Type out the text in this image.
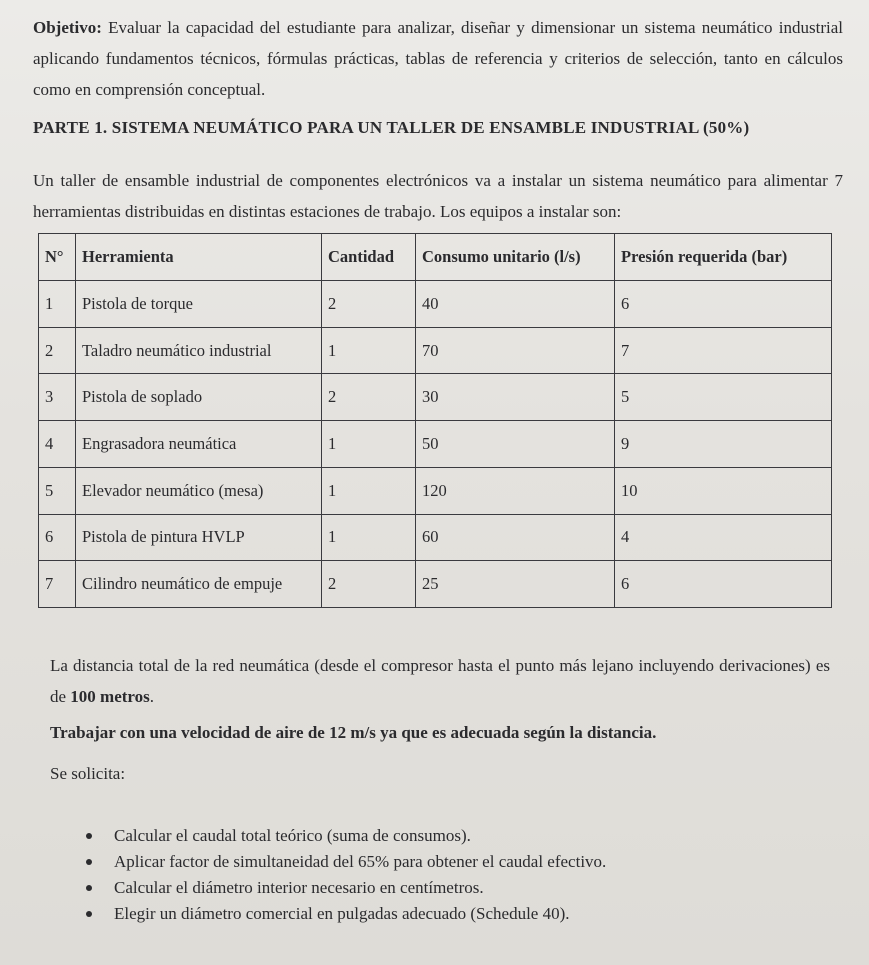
Objetivo: Evaluar la capacidad del estudiante para analizar, diseñar y dimensionar un sistema neumático industrial aplicando fundamentos técnicos, fórmulas prácticas, tablas de referencia y criterios de selección, tanto en cálculos como en comprensión conceptual.
PARTE 1. SISTEMA NEUMÁTICO PARA UN TALLER DE ENSAMBLE INDUSTRIAL (50%)
Un taller de ensamble industrial de componentes electrónicos va a instalar un sistema neumático para alimentar 7 herramientas distribuidas en distintas estaciones de trabajo. Los equipos a instalar son:
N°	Herramienta	Cantidad	Consumo unitario (l/s)	Presión requerida (bar)
1	Pistola de torque	2	40	6
2	Taladro neumático industrial	1	70	7
3	Pistola de soplado	2	30	5
4	Engrasadora neumática	1	50	9
5	Elevador neumático (mesa)	1	120	10
6	Pistola de pintura HVLP	1	60	4
7	Cilindro neumático de empuje	2	25	6
La distancia total de la red neumática (desde el compresor hasta el punto más lejano incluyendo derivaciones) es de 100 metros.
Trabajar con una velocidad de aire de 12 m/s ya que es adecuada según la distancia.
Se solicita:
Calcular el caudal total teórico (suma de consumos).
Aplicar factor de simultaneidad del 65% para obtener el caudal efectivo.
Calcular el diámetro interior necesario en centímetros.
Elegir un diámetro comercial en pulgadas adecuado (Schedule 40).
